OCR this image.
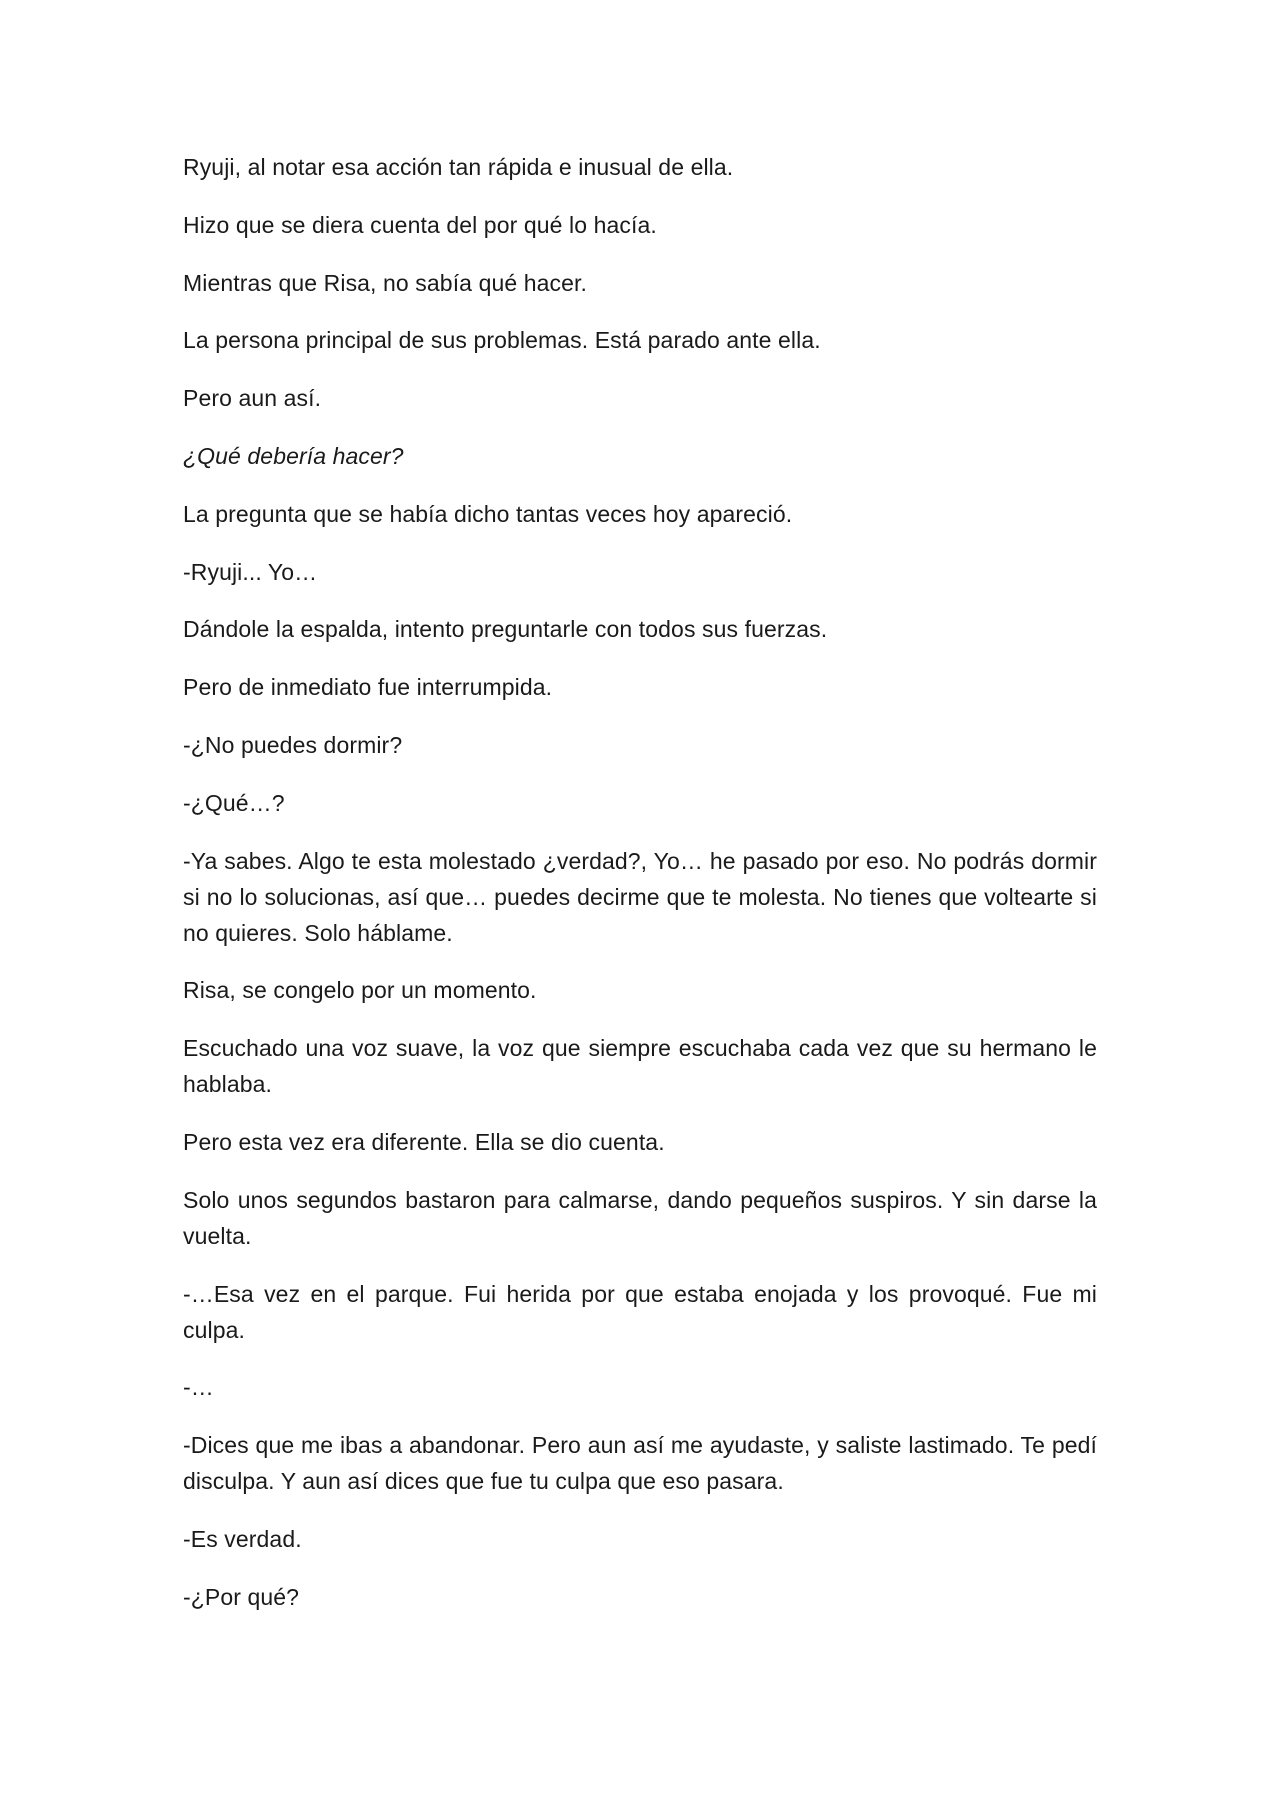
Ryuji, al notar esa acción tan rápida e inusual de ella.

Hizo que se diera cuenta del por qué lo hacía.

Mientras que Risa, no sabía qué hacer.

La persona principal de sus problemas. Está parado ante ella.

Pero aun así.

¿Qué debería hacer?

La pregunta que se había dicho tantas veces hoy apareció.

-Ryuji... Yo…

Dándole la espalda, intento preguntarle con todos sus fuerzas.

Pero de inmediato fue interrumpida.

-¿No puedes dormir?

-¿Qué…?

-Ya sabes. Algo te esta molestado ¿verdad?, Yo… he pasado por eso. No podrás dormir si no lo solucionas, así que… puedes decirme que te molesta. No tienes que voltearte si no quieres. Solo háblame.

Risa, se congelo por un momento.

Escuchado una voz suave, la voz que siempre escuchaba cada vez que su hermano le hablaba.

Pero esta vez era diferente. Ella se dio cuenta.

Solo unos segundos bastaron para calmarse, dando pequeños suspiros. Y sin darse la vuelta.

-…Esa vez en el parque. Fui herida por que estaba enojada y los provoqué. Fue mi culpa.

-…

-Dices que me ibas a abandonar. Pero aun así me ayudaste, y saliste lastimado. Te pedí disculpa. Y aun así dices que fue tu culpa que eso pasara.

-Es verdad.

-¿Por qué?
